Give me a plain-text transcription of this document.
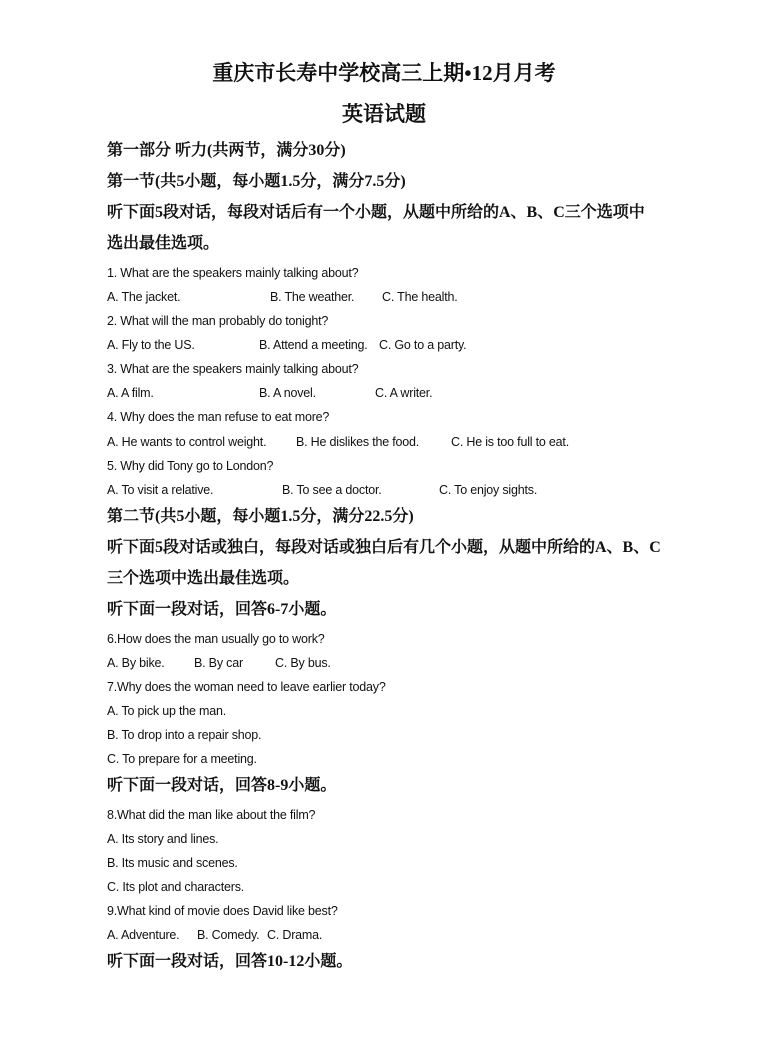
重庆市长寿中学校高三上期•12月月考
英语试题
第一部分 听力(共两节，满分30分)
第一节(共5小题，每小题1.5分，满分7.5分)
听下面5段对话，每段对话后有一个小题，从题中所给的A、B、C三个选项中
选出最佳选项。
1. What are the speakers mainly talking about?
A. The jacket.	B. The weather. C. The health.
2. What will the man probably do tonight?
A. Fly to the US.	B. Attend a meeting. C. Go to a party.
3. What are the speakers mainly talking about?
A. A film.	B. A novel.	C. A writer.
4. Why does the man refuse to eat more?
A. He wants to control weight. B. He dislikes the food.	C. He is too full to eat.
5. Why did Tony go to London?
A. To visit a relative.	B. To see a doctor.	C. To enjoy sights.
第二节(共5小题，每小题1.5分，满分22.5分)
听下面5段对话或独白，每段对话或独白后有几个小题，从题中所给的A、B、C
三个选项中选出最佳选项。
听下面一段对话，回答6-7小题。
6.How does the man usually go to work?
A. By bike. B. By car	C. By bus.
7.Why does the woman need to leave earlier today?
A. To pick up the man.
B. To drop into a repair shop.
C. To prepare for a meeting.
听下面一段对话，回答8-9小题。
8.What did the man like about the film?
A. Its story and lines.
B. Its music and scenes.
C. Its plot and characters.
9.What kind of movie does David like best?
A. Adventure. B. Comedy. C. Drama.
听下面一段对话，回答10-12小题。
